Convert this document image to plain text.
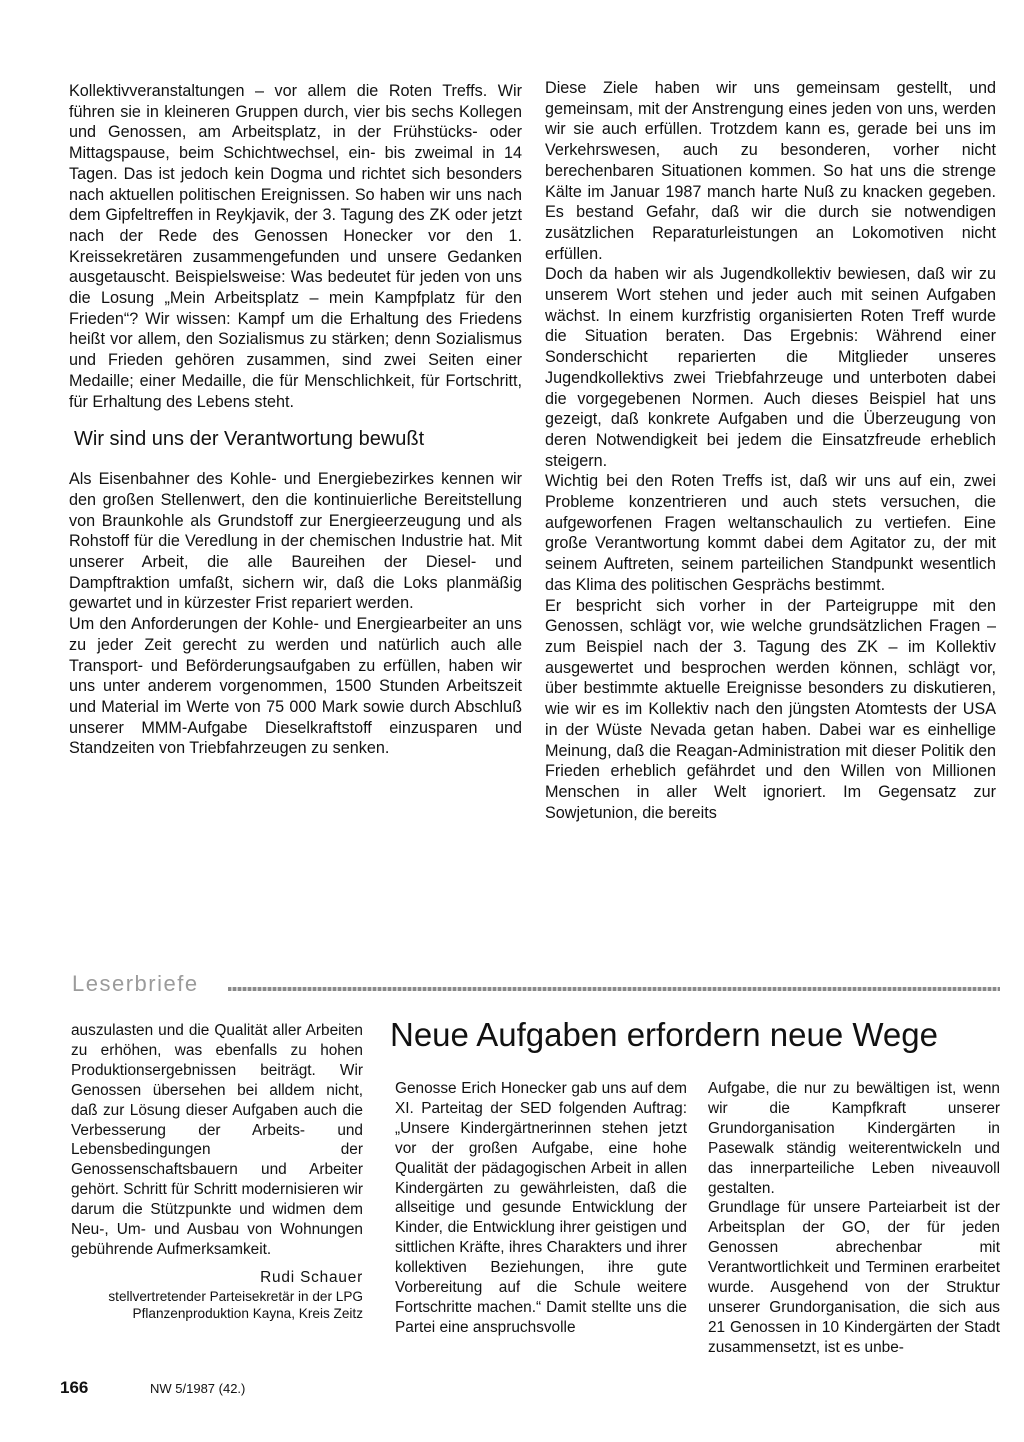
Kollektivveranstaltungen – vor allem die Roten Treffs. Wir führen sie in kleineren Gruppen durch, vier bis sechs Kollegen und Genossen, am Arbeitsplatz, in der Frühstücks- oder Mittagspause, beim Schichtwechsel, ein- bis zweimal in 14 Tagen. Das ist jedoch kein Dogma und richtet sich besonders nach aktuellen politischen Ereignissen. So haben wir uns nach dem Gipfeltreffen in Reykjavik, der 3. Tagung des ZK oder jetzt nach der Rede des Genossen Honecker vor den 1. Kreissekretären zusammengefunden und unsere Gedanken ausgetauscht. Beispielsweise: Was bedeutet für jeden von uns die Losung „Mein Arbeitsplatz – mein Kampfplatz für den Frieden“? Wir wissen: Kampf um die Erhaltung des Friedens heißt vor allem, den Sozialismus zu stärken; denn Sozialismus und Frieden gehören zusammen, sind zwei Seiten einer Medaille; einer Medaille, die für Menschlichkeit, für Fortschritt, für Erhaltung des Lebens steht.

Wir sind uns der Verantwortung bewußt

Als Eisenbahner des Kohle- und Energiebezirkes kennen wir den großen Stellenwert, den die kontinuierliche Bereitstellung von Braunkohle als Grundstoff zur Energieerzeugung und als Rohstoff für die Veredlung in der chemischen Industrie hat. Mit unserer Arbeit, die alle Baureihen der Diesel- und Dampftraktion umfaßt, sichern wir, daß die Loks planmäßig gewartet und in kürzester Frist repariert werden.

Um den Anforderungen der Kohle- und Energiearbeiter an uns zu jeder Zeit gerecht zu werden und natürlich auch alle Transport- und Beförderungsaufgaben zu erfüllen, haben wir uns unter anderem vorgenommen, 1500 Stunden Arbeitszeit und Material im Werte von 75 000 Mark sowie durch Abschluß unserer MMM-Aufgabe Dieselkraftstoff einzusparen und Standzeiten von Triebfahrzeugen zu senken.

Diese Ziele haben wir uns gemeinsam gestellt, und gemeinsam, mit der Anstrengung eines jeden von uns, werden wir sie auch erfüllen. Trotzdem kann es, gerade bei uns im Verkehrswesen, auch zu besonderen, vorher nicht berechenbaren Situationen kommen. So hat uns die strenge Kälte im Januar 1987 manch harte Nuß zu knacken gegeben. Es bestand Gefahr, daß wir die durch sie notwendigen zusätzlichen Reparaturleistungen an Lokomotiven nicht erfüllen.

Doch da haben wir als Jugendkollektiv bewiesen, daß wir zu unserem Wort stehen und jeder auch mit seinen Aufgaben wächst. In einem kurzfristig organisierten Roten Treff wurde die Situation beraten. Das Ergebnis: Während einer Sonderschicht reparierten die Mitglieder unseres Jugendkollektivs zwei Triebfahrzeuge und unterboten dabei die vorgegebenen Normen. Auch dieses Beispiel hat uns gezeigt, daß konkrete Aufgaben und die Überzeugung von deren Notwendigkeit bei jedem die Einsatzfreude erheblich steigern.

Wichtig bei den Roten Treffs ist, daß wir uns auf ein, zwei Probleme konzentrieren und auch stets versuchen, die aufgeworfenen Fragen weltanschaulich zu vertiefen. Eine große Verantwortung kommt dabei dem Agitator zu, der mit seinem Auftreten, seinem parteilichen Standpunkt wesentlich das Klima des politischen Gesprächs bestimmt.

Er bespricht sich vorher in der Parteigruppe mit den Genossen, schlägt vor, wie welche grundsätzlichen Fragen – zum Beispiel nach der 3. Tagung des ZK – im Kollektiv ausgewertet und besprochen werden können, schlägt vor, über bestimmte aktuelle Ereignisse besonders zu diskutieren, wie wir es im Kollektiv nach den jüngsten Atomtests der USA in der Wüste Nevada getan haben. Dabei war es einhellige Meinung, daß die Reagan-Administration mit dieser Politik den Frieden erheblich gefährdet und den Willen von Millionen Menschen in aller Welt ignoriert. Im Gegensatz zur Sowjetunion, die bereits

Leserbriefe

auszulasten und die Qualität aller Arbeiten zu erhöhen, was ebenfalls zu hohen Produktionsergebnissen beiträgt. Wir Genossen übersehen bei alldem nicht, daß zur Lösung dieser Aufgaben auch die Verbesserung der Arbeits- und Lebensbedingungen der Genossenschaftsbauern und Arbeiter gehört. Schritt für Schritt modernisieren wir darum die Stützpunkte und widmen dem Neu-, Um- und Ausbau von Wohnungen gebührende Aufmerksamkeit.

Rudi Schauer
stellvertretender Parteisekretär in der LPG Pflanzenproduktion Kayna, Kreis Zeitz
Neue Aufgaben erfordern neue Wege

Genosse Erich Honecker gab uns auf dem XI. Parteitag der SED folgenden Auftrag: „Unsere Kindergärtnerinnen stehen jetzt vor der großen Aufgabe, eine hohe Qualität der pädagogischen Arbeit in allen Kindergärten zu gewährleisten, daß die allseitige und gesunde Entwicklung der Kinder, die Entwicklung ihrer geistigen und sittlichen Kräfte, ihres Charakters und ihrer kollektiven Beziehungen, ihre gute Vorbereitung auf die Schule weitere Fortschritte machen.“ Damit stellte uns die Partei eine anspruchsvolle

Aufgabe, die nur zu bewältigen ist, wenn wir die Kampfkraft unserer Grundorganisation Kindergärten in Pasewalk ständig weiterentwickeln und das innerparteiliche Leben niveauvoll gestalten.

Grundlage für unsere Parteiarbeit ist der Arbeitsplan der GO, der für jeden Genossen abrechenbar mit Verantwortlichkeit und Terminen erarbeitet wurde. Ausgehend von der Struktur unserer Grundorganisation, die sich aus 21 Genossen in 10 Kindergärten der Stadt zusammensetzt, ist es unbe-

166	NW 5/1987 (42.)
